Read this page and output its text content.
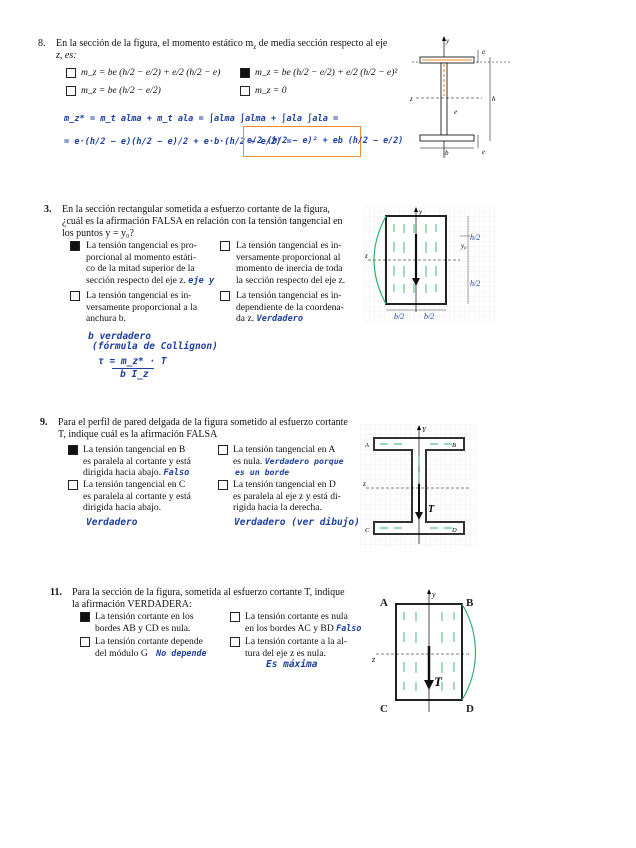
8. En la sección de la figura, el momento estático $m_z$ de media sección respecto al eje
z, es:
m_z = be (h/2 − e/2) + e/2 (h/2 − e)	m_z = be (h/2 − e/2) + e/2 (h/2 − e)²
m_z = be (h/2 − e/2)	m_z = 0
m_z* = m_t alma + m_t ala = ∫alma ∫alma + ∫ala ∫ala =
= e·(h/2 − e)(h/2 − e)/2 + e·b·(h/2 − e/2) =
e/2 (h/2 − e)² + eb (h/2 − e/2)
y
z
e
e
h
b	e
3. En la sección rectangular sometida a esfuerzo cortante de la figura,
¿cuál es la afirmación FALSA en relación con la tensión tangencial en
los puntos y = y₀?
La tensión tangencial es pro-
porcional al momento estáti-
co de la mitad superior de la
sección respecto del eje z. eje y
La tensión tangencial es in-
versamente proporcional al
momento de inercia de toda
la sección respecto del eje z.
La tensión tangencial es in-
versamente proporcional a la
anchura b.
La tensión tangencial es in-
dependiente de la coordena-
da z. Verdadero
b verdadero
(fórmula de Collignon)
τ = m_z* · T
b I_z
y
z
y₀
h/2
h/2
b/2 b/2
9. Para el perfil de pared delgada de la figura sometido al esfuerzo cortante
T, indique cuál es la afirmación FALSA
La tensión tangencial en B
es paralela al cortante y está
dirigida hacia abajo. Falso
La tensión tangencial en A
es nula. Verdadero porque
es un borde
La tensión tangencial en C
es paralela al cortante y está
dirigida hacia abajo.
La tensión tangencial en D
es paralela al eje z y está di-
rigida hacia la derecha.
Verdadero	Verdadero (ver dibujo)
Y
z
A	B
C	D
T
11. Para la sección de la figura, sometida al esfuerzo cortante T, indique
la afirmación VERDADERA:
La tensión cortante en los
bordes AB y CD es nula.
La tensión cortante es nula
en los bordes AC y BD Falso
La tensión cortante depende
del módulo G No depende
La tensión cortante a la al-
tura del eje z es nula.
Es máxima
y
z
A	B
C	D
T
